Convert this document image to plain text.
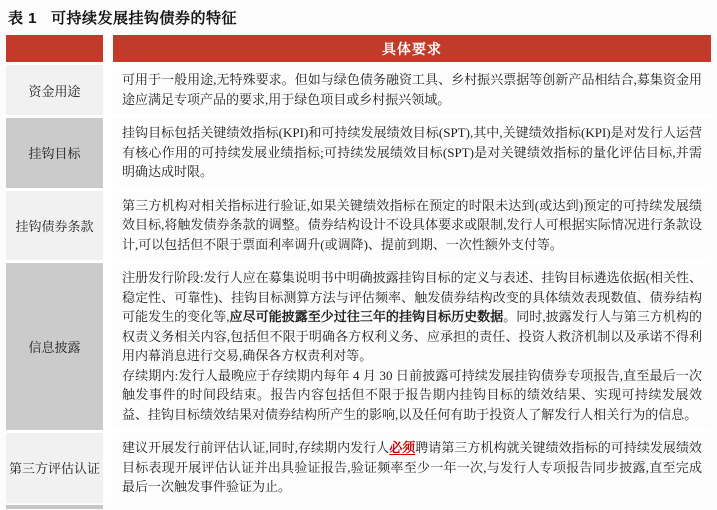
表 1 可持续发展挂钩债券的特征
具体要求
资金用途

可用于一般用途,无特殊要求。但如与绿色债务融资工具、乡村振兴票据等创新产品相结合,募集资金用途应满足专项产品的要求,用于绿色项目或乡村振兴领域。

挂钩目标

挂钩目标包括关键绩效指标(KPI)和可持续发展绩效目标(SPT),其中,关键绩效指标(KPI)是对发行人运营有核心作用的可持续发展业绩指标;可持续发展绩效目标(SPT)是对关键绩效指标的量化评估目标,并需明确达成时限。

挂钩债券条款

第三方机构对相关指标进行验证,如果关键绩效指标在预定的时限未达到(或达到)预定的可持续发展绩效目标,将触发债券条款的调整。债券结构设计不设具体要求或限制,发行人可根据实际情况进行条款设计,可以包括但不限于票面利率调升(或调降)、提前到期、一次性额外支付等。

信息披露

注册发行阶段:发行人应在募集说明书中明确披露挂钩目标的定义与表述、挂钩目标遴选依据(相关性、稳定性、可靠性)、挂钩目标测算方法与评估频率、触发债券结构改变的具体绩效表现数值、债券结构可能发生的变化等,应尽可能披露至少过往三年的挂钩目标历史数据。同时,披露发行人与第三方机构的权责义务相关内容,包括但不限于明确各方权利义务、应承担的责任、投资人救济机制以及承诺不得利用内幕消息进行交易,确保各方权责利对等。

存续期内:发行人最晚应于存续期内每年 4 月 30 日前披露可持续发展挂钩债券专项报告,直至最后一次触发事件的时间段结束。报告内容包括但不限于报告期内挂钩目标的绩效结果、实现可持续发展效益、挂钩目标绩效结果对债券结构所产生的影响,以及任何有助于投资人了解发行人相关行为的信息。

第三方评估认证

建议开展发行前评估认证,同时,存续期内发行人必须聘请第三方机构就关键绩效指标的可持续发展绩效目标表现开展评估认证并出具验证报告,验证频率至少一年一次,与发行人专项报告同步披露,直至完成最后一次触发事件验证为止。
